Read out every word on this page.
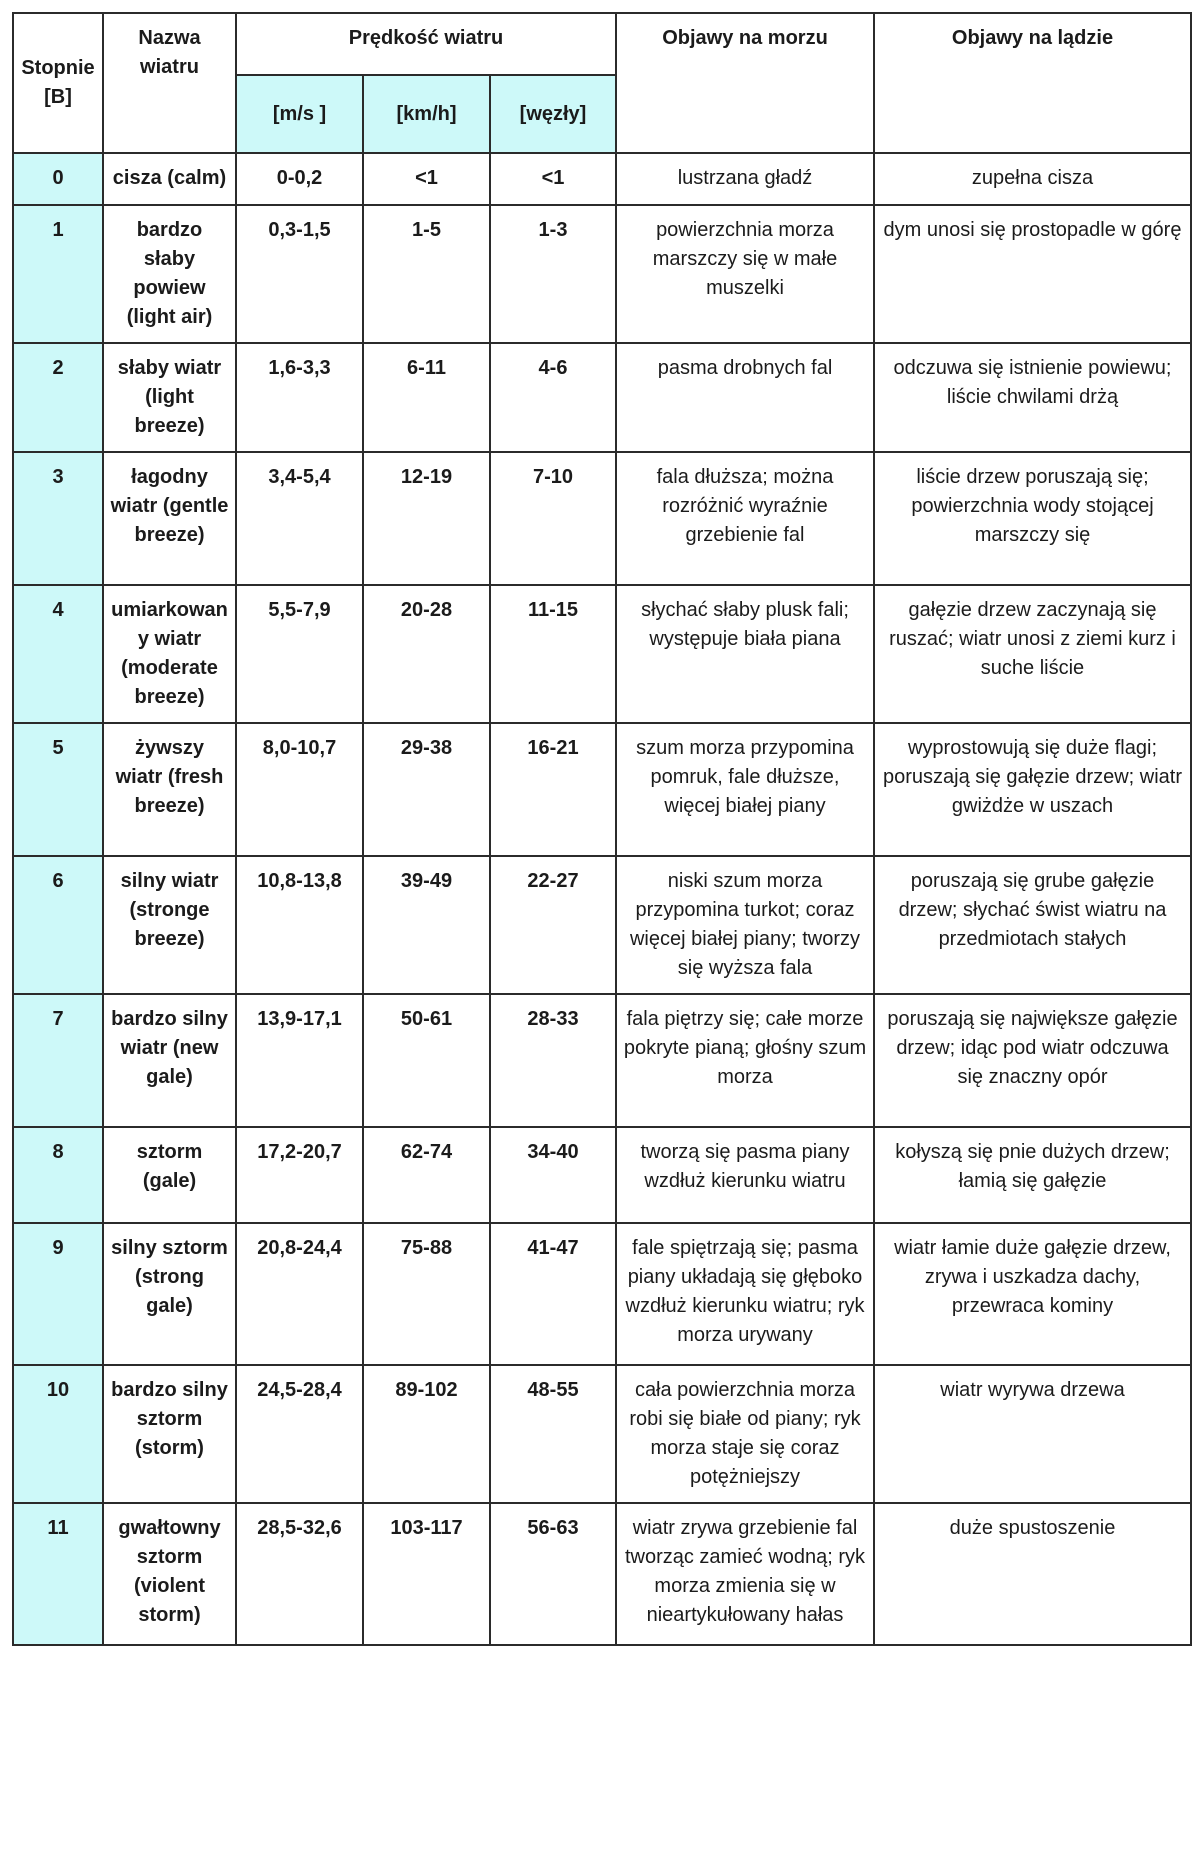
Stopnie [B]	Nazwa wiatru	Prędkość wiatru			Objawy na morzu	Objawy na lądzie
		[m/s ]	[km/h]	[węzły]		
0	cisza (calm)	0-0,2	<1	<1	lustrzana gładź	zupełna cisza
1	bardzo słaby powiew (light air)	0,3-1,5	1-5	1-3	powierzchnia morza marszczy się w małe muszelki	dym unosi się prostopadle w górę
2	słaby wiatr (light breeze)	1,6-3,3	6-11	4-6	pasma drobnych fal	odczuwa się istnienie powiewu; liście chwilami drżą
3	łagodny wiatr (gentle breeze)	3,4-5,4	12-19	7-10	fala dłuższa; można rozróżnić wyraźnie grzebienie fal	liście drzew poruszają się; powierzchnia wody stojącej marszczy się
4	umiarkowany wiatr (moderate breeze)	5,5-7,9	20-28	11-15	słychać słaby plusk fali; występuje biała piana	gałęzie drzew zaczynają się ruszać; wiatr unosi z ziemi kurz i suche liście
5	żywszy wiatr (fresh breeze)	8,0-10,7	29-38	16-21	szum morza przypomina pomruk, fale dłuższe, więcej białej piany	wyprostowują się duże flagi; poruszają się gałęzie drzew; wiatr gwiżdże w uszach
6	silny wiatr (stronge breeze)	10,8-13,8	39-49	22-27	niski szum morza przypomina turkot; coraz więcej białej piany; tworzy się wyższa fala	poruszają się grube gałęzie drzew; słychać świst wiatru na przedmiotach stałych
7	bardzo silny wiatr (new gale)	13,9-17,1	50-61	28-33	fala piętrzy się; całe morze pokryte pianą; głośny szum morza	poruszają się największe gałęzie drzew; idąc pod wiatr odczuwa się znaczny opór
8	sztorm (gale)	17,2-20,7	62-74	34-40	tworzą się pasma piany wzdłuż kierunku wiatru	kołyszą się pnie dużych drzew; łamią się gałęzie
9	silny sztorm (strong gale)	20,8-24,4	75-88	41-47	fale spiętrzają się; pasma piany układają się głęboko wzdłuż kierunku wiatru; ryk morza urywany	wiatr łamie duże gałęzie drzew, zrywa i uszkadza dachy, przewraca kominy
10	bardzo silny sztorm (storm)	24,5-28,4	89-102	48-55	cała powierzchnia morza robi się białe od piany; ryk morza staje się coraz potężniejszy	wiatr wyrywa drzewa
11	gwałtowny sztorm (violent storm)	28,5-32,6	103-117	56-63	wiatr zrywa grzebienie fal tworząc zamieć wodną; ryk morza zmienia się w nieartykułowany hałas	duże spustoszenie
